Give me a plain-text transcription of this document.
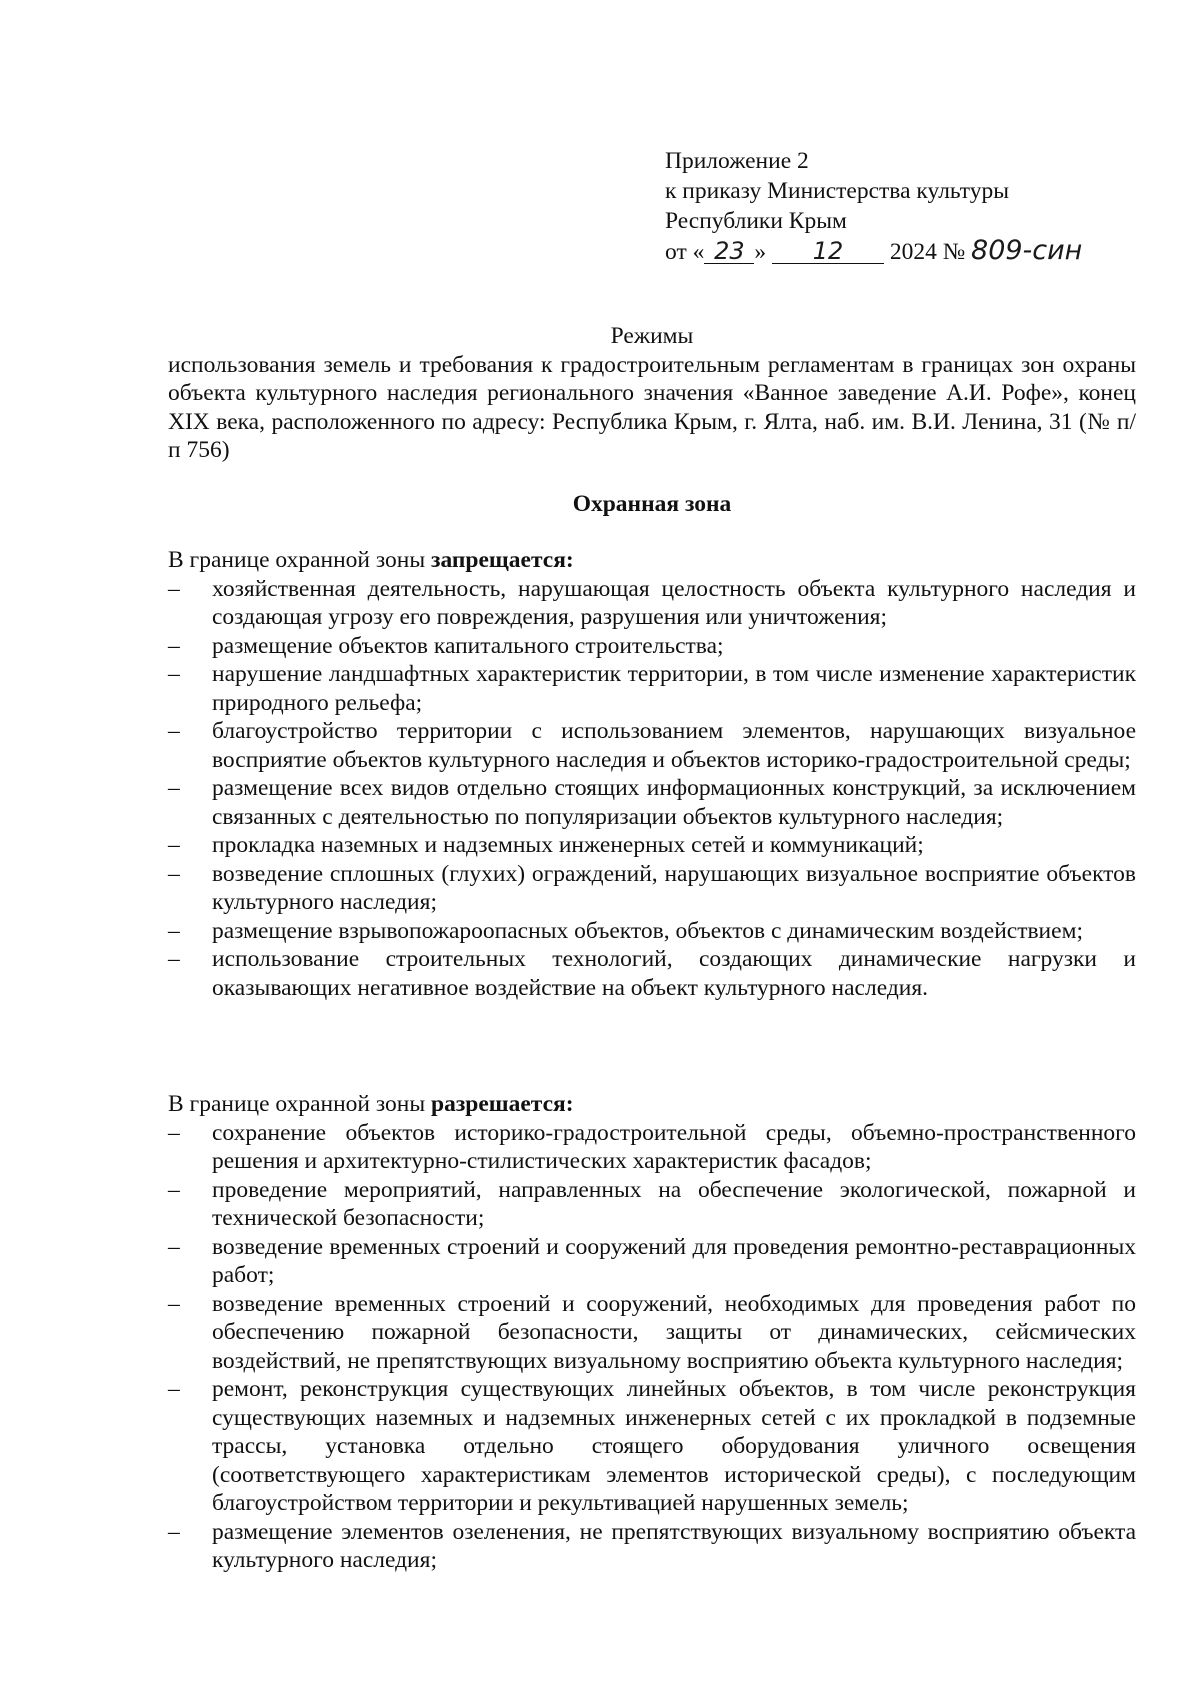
Приложение 2
к приказу Министерства культуры
Республики Крым
от « 23 » 12 2024 № 809-син
Режимы
использования земель и требования к градостроительным регламентам в границах зон охраны объекта культурного наследия регионального значения «Ванное заведение А.И. Рофе», конец XIX века, расположенного по адресу: Республика Крым, г. Ялта, наб. им. В.И. Ленина, 31 (№ п/п 756)
Охранная зона
В границе охранной зоны запрещается:
– хозяйственная деятельность, нарушающая целостность объекта культурного наследия и создающая угрозу его повреждения, разрушения или уничтожения;
– размещение объектов капитального строительства;
– нарушение ландшафтных характеристик территории, в том числе изменение характеристик природного рельефа;
– благоустройство территории с использованием элементов, нарушающих визуальное восприятие объектов культурного наследия и объектов историко-градостроительной среды;
– размещение всех видов отдельно стоящих информационных конструкций, за исключением связанных с деятельностью по популяризации объектов культурного наследия;
– прокладка наземных и надземных инженерных сетей и коммуникаций;
– возведение сплошных (глухих) ограждений, нарушающих визуальное восприятие объектов культурного наследия;
– размещение взрывопожароопасных объектов, объектов с динамическим воздействием;
– использование строительных технологий, создающих динамические нагрузки и оказывающих негативное воздействие на объект культурного наследия.
В границе охранной зоны разрешается:
– сохранение объектов историко-градостроительной среды, объемно-пространственного решения и архитектурно-стилистических характеристик фасадов;
– проведение мероприятий, направленных на обеспечение экологической, пожарной и технической безопасности;
– возведение временных строений и сооружений для проведения ремонтно-реставрационных работ;
– возведение временных строений и сооружений, необходимых для проведения работ по обеспечению пожарной безопасности, защиты от динамических, сейсмических воздействий, не препятствующих визуальному восприятию объекта культурного наследия;
– ремонт, реконструкция существующих линейных объектов, в том числе реконструкция существующих наземных и надземных инженерных сетей с их прокладкой в подземные трассы, установка отдельно стоящего оборудования уличного освещения (соответствующего характеристикам элементов исторической среды), с последующим благоустройством территории и рекультивацией нарушенных земель;
– размещение элементов озеленения, не препятствующих визуальному восприятию объекта культурного наследия;
